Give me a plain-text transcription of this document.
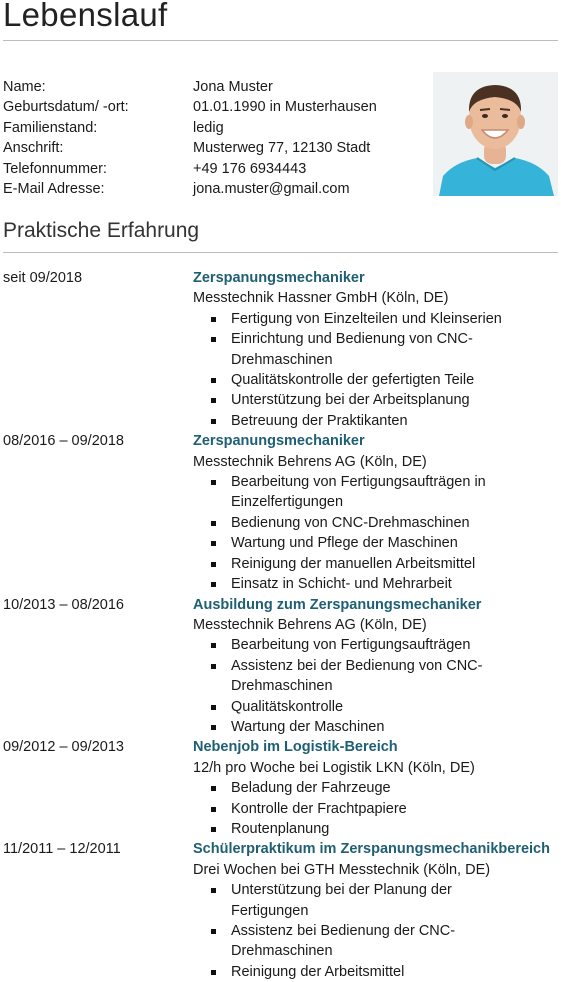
Lebenslauf
Name:	Jona Muster
Geburtsdatum/ -ort:	01.01.1990 in Musterhausen
Familienstand:	ledig
Anschrift:	Musterweg 77, 12130 Stadt
Telefonnummer:	+49 176 6934443
E-Mail Adresse:	jona.muster@gmail.com
Praktische Erfahrung
seit 09/2018	Zerspanungsmechaniker
Messtechnik Hassner GmbH (Köln, DE)
Fertigung von Einzelteilen und Kleinserien
Einrichtung und Bedienung von CNC-Drehmaschinen
Qualitätskontrolle der gefertigten Teile
Unterstützung bei der Arbeitsplanung
Betreuung der Praktikanten
08/2016 – 09/2018	Zerspanungsmechaniker
Messtechnik Behrens AG (Köln, DE)
Bearbeitung von Fertigungsaufträgen in Einzelfertigungen
Bedienung von CNC-Drehmaschinen
Wartung und Pflege der Maschinen
Reinigung der manuellen Arbeitsmittel
Einsatz in Schicht- und Mehrarbeit
10/2013 – 08/2016	Ausbildung zum Zerspanungsmechaniker
Messtechnik Behrens AG (Köln, DE)
Bearbeitung von Fertigungsaufträgen
Assistenz bei der Bedienung von CNC-Drehmaschinen
Qualitätskontrolle
Wartung der Maschinen
09/2012 – 09/2013	Nebenjob im Logistik-Bereich
12/h pro Woche bei Logistik LKN (Köln, DE)
Beladung der Fahrzeuge
Kontrolle der Frachtpapiere
Routenplanung
11/2011 – 12/2011	Schülerpraktikum im Zerspanungsmechanikbereich
Drei Wochen bei GTH Messtechnik (Köln, DE)
Unterstützung bei der Planung der Fertigungen
Assistenz bei Bedienung der CNC-Drehmaschinen
Reinigung der Arbeitsmittel
